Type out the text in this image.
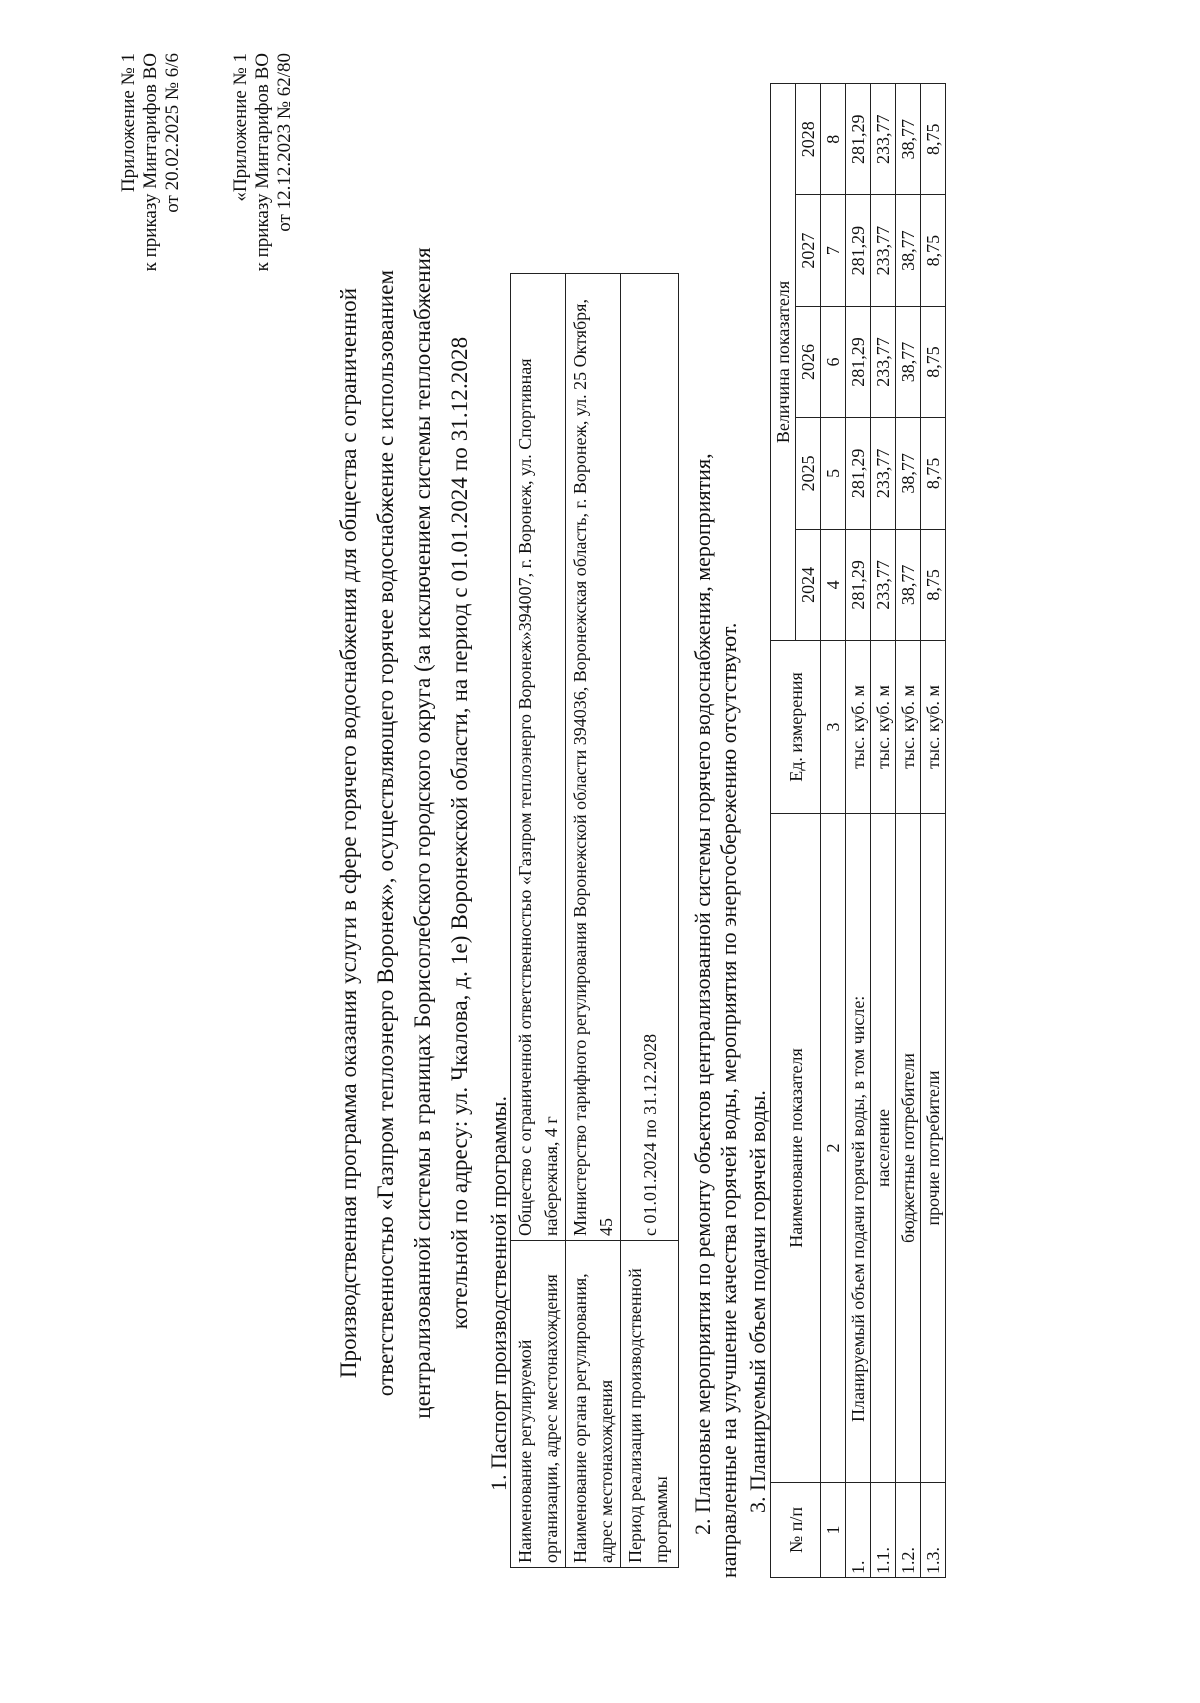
Приложение № 1 к приказу Минтарифов ВО от 20.02.2025 № 6/6 «Приложение № 1 к приказу Минтарифов ВО от 12.12.2023 № 62/80
Производственная программа оказания услуги в сфере горячего водоснабжения для общества с ограниченной ответственностью «Газпром теплоэнерго Воронеж», осуществляющего горячее водоснабжение с использованием централизованной системы в границах Борисоглебского городского округа (за исключением системы теплоснабжения котельной по адресу: ул. Чкалова, д. 1е) Воронежской области, на период с 01.01.2024 по 31.12.2028 1. Паспорт производственной программы. Наименование регулируемой организации, адрес местонахождения	Общество с ограниченной ответственностью «Газпром теплоэнерго Воронеж»394007, г. Воронеж, ул. Спортивная набережная, 4 г
Наименование органа регулирования, адрес местонахождения	Министерство тарифного регулирования Воронежской области 394036, Воронежская область, г. Воронеж, ул. 25 Октября, 45
Период реализации производственной программы	с 01.01.2024 по 31.12.2028 2. Плановые мероприятия по ремонту объектов централизованной системы горячего водоснабжения, мероприятия, направленные на улучшение качества горячей воды, мероприятия по энергосбережению отсутствуют. 3. Планируемый объем подачи горячей воды.
№ п/п	Наименование показателя	Ед. измерения	Величина показателя				
			2024	2025	2026	2027	2028
1	2	3	4	5	6	7	8
1.	Планируемый объем подачи горячей воды, в том числе:	тыс. куб. м	281,29	281,29	281,29	281,29	281,29
1.1.	население	тыс. куб. м	233,77	233,77	233,77	233,77	233,77
1.2.	бюджетные потребители	тыс. куб. м	38,77	38,77	38,77	38,77	38,77
1.3.	прочие потребители	тыс. куб. м	8,75	8,75	8,75	8,75	8,75
